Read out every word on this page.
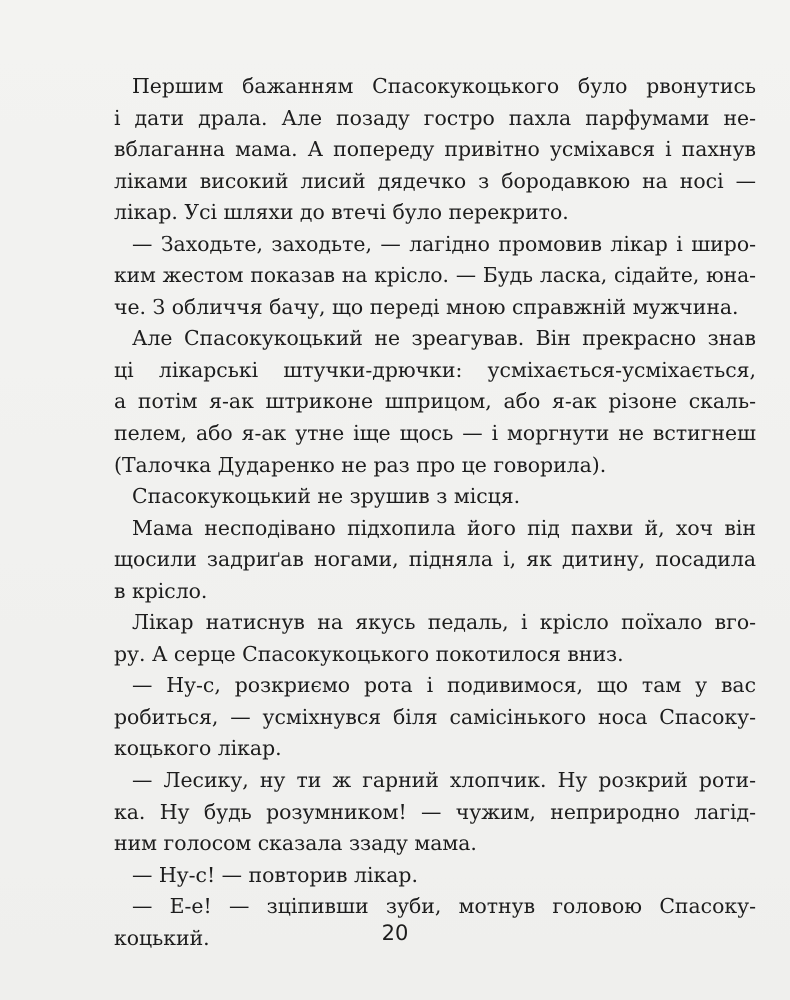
Першим бажанням Спасокукоцького було рвонутись
і дати драла. Але позаду гостро пахла парфумами не-
вблаганна мама. А попереду привітно усміхався і пахнув
ліками високий лисий дядечко з бородавкою на носі —
лікар. Усі шляхи до втечі було перекрито.
— Заходьте, заходьте, — лагідно промовив лікар і широ-
ким жестом показав на крісло. — Будь ласка, сідайте, юна-
че. З обличчя бачу, що переді мною справжній мужчина.
Але Спасокукоцький не зреагував. Він прекрасно знав
ці лікарські штучки-дрючки: усміхається-усміхається,
а потім я-ак штриконе шприцом, або я-ак різоне скаль-
пелем, або я-ак утне іще щось — і моргнути не встигнеш
(Талочка Дударенко не раз про це говорила).
Спасокукоцький не зрушив з місця.
Мама несподівано підхопила його під пахви й, хоч він
щосили задриґав ногами, підняла і, як дитину, посадила
в крісло.
Лікар натиснув на якусь педаль, і крісло поїхало вго-
ру. А серце Спасокукоцького покотилося вниз.
— Ну-с, розкриємо рота і подивимося, що там у вас
робиться, — усміхнувся біля самісінького носа Спасоку-
коцького лікар.
— Лесику, ну ти ж гарний хлопчик. Ну розкрий роти-
ка. Ну будь розумником! — чужим, неприродно лагід-
ним голосом сказала ззаду мама.
— Ну-с! — повторив лікар.
— Е-е! — зціпивши зуби, мотнув головою Спасоку-
коцький.	20
